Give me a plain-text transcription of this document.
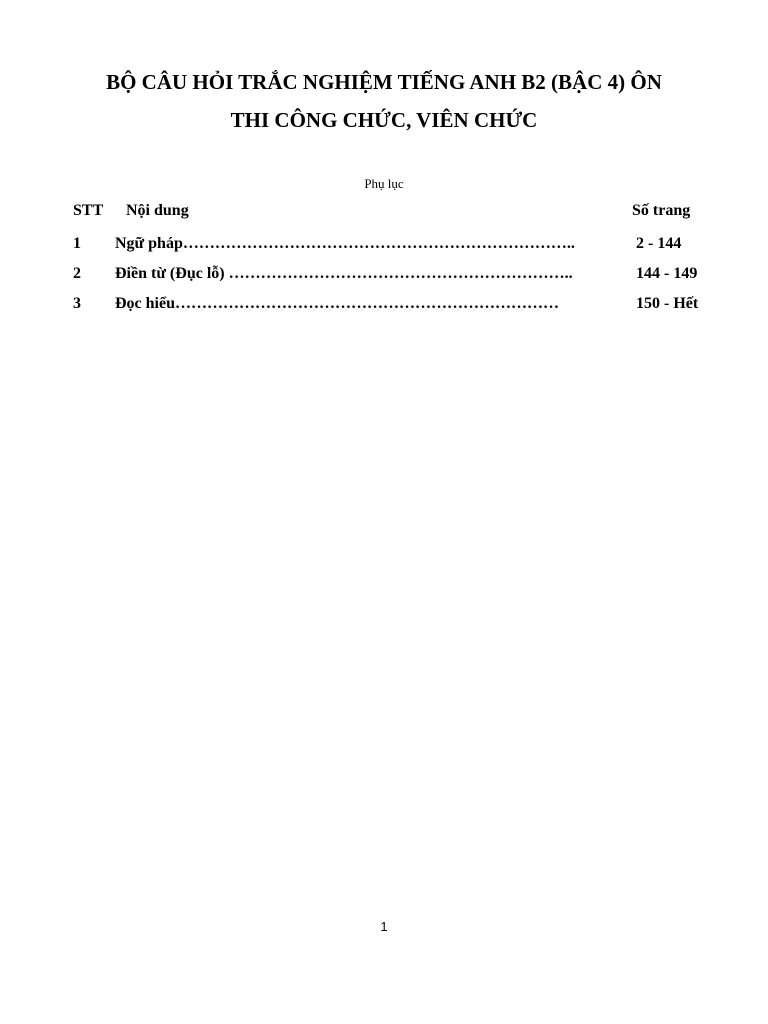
BỘ CÂU HỎI TRẮC NGHIỆM TIẾNG ANH B2 (BẬC 4) ÔN
THI CÔNG CHỨC, VIÊN CHỨC
Phụ lục
STT Nội dung	Số trang
1 Ngữ pháp………………………………………………………………..	2 - 144
2 Điền từ (Đục lỗ) ………………………………………………………..	144 - 149
3 Đọc hiểu………………………………………………………………	150 - Hết
1
